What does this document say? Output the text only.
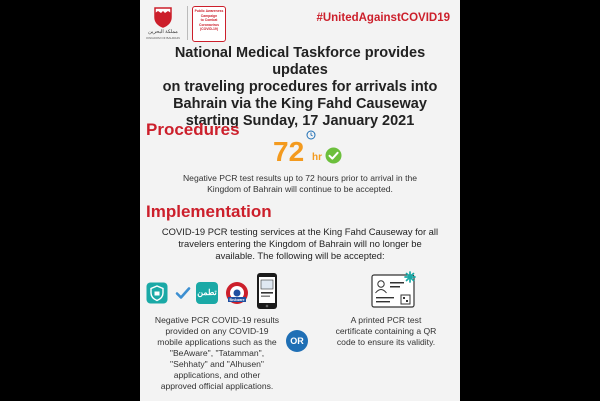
مملكة البحرين
KINGDOM OF BAHRAIN
Public Awareness
Campaign
to Combat
Coronavirus
(COVID-19)
#UnitedAgainstCOVID19
National Medical Taskforce provides updates
on traveling procedures for arrivals into
Bahrain via the King Fahd Causeway
starting Sunday, 17 January 2021
Procedures
72 hr
Negative PCR test results up to 72 hours prior to arrival in the
Kingdom of Bahrain will continue to be accepted.
Implementation
COVID-19 PCR testing services at the King Fahd Causeway for all
travelers entering the Kingdom of Bahrain will no longer be
available. The following will be accepted:
تطمن
BeAware
Negative PCR COVID-19 results
provided on any COVID-19
mobile applications such as the
"BeAware", "Tatamman",
"Sehhaty" and "Alhusen"
applications, and other
approved official applications.
OR
A printed PCR test
certificate containing a QR
code to ensure its validity.
